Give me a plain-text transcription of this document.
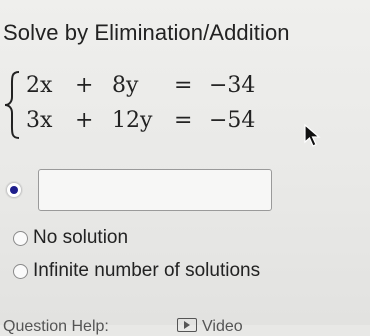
Solve by Elimination/Addition
2x + 8y = −34
3x + 12y = −54
No solution
Infinite number of solutions
Question Help:	Video
